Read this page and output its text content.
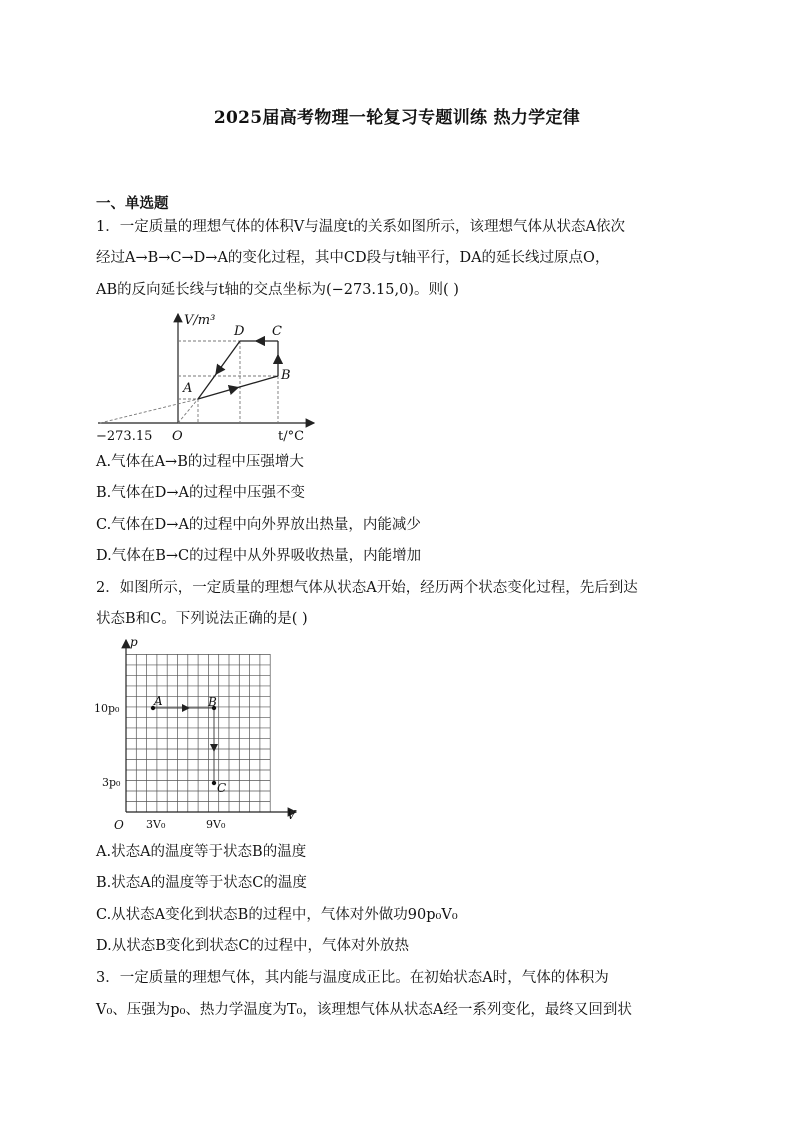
2025届高考物理一轮复习专题训练 热力学定律
一、单选题
1．一定质量的理想气体的体积V与温度t的关系如图所示，该理想气体从状态A依次
经过A→B→C→D→A的变化过程，其中CD段与t轴平行，DA的延长线过原点O，
AB的反向延长线与t轴的交点坐标为(−273.15,0)。则( )
V/m³
D C
B
A
O
−273.15	t/°C
A.气体在A→B的过程中压强增大
B.气体在D→A的过程中压强不变
C.气体在D→A的过程中向外界放出热量，内能减少
D.气体在B→C的过程中从外界吸收热量，内能增加
2．如图所示，一定质量的理想气体从状态A开始，经历两个状态变化过程，先后到达
状态B和C。下列说法正确的是( )
p
V
O
10p₀
3p₀
3V₀	9V₀
A	B
C
A.状态A的温度等于状态B的温度
B.状态A的温度等于状态C的温度
C.从状态A变化到状态B的过程中，气体对外做功90p₀V₀
D.从状态B变化到状态C的过程中，气体对外放热
3．一定质量的理想气体，其内能与温度成正比。在初始状态A时，气体的体积为
V₀、压强为p₀、热力学温度为T₀，该理想气体从状态A经一系列变化，最终又回到状
